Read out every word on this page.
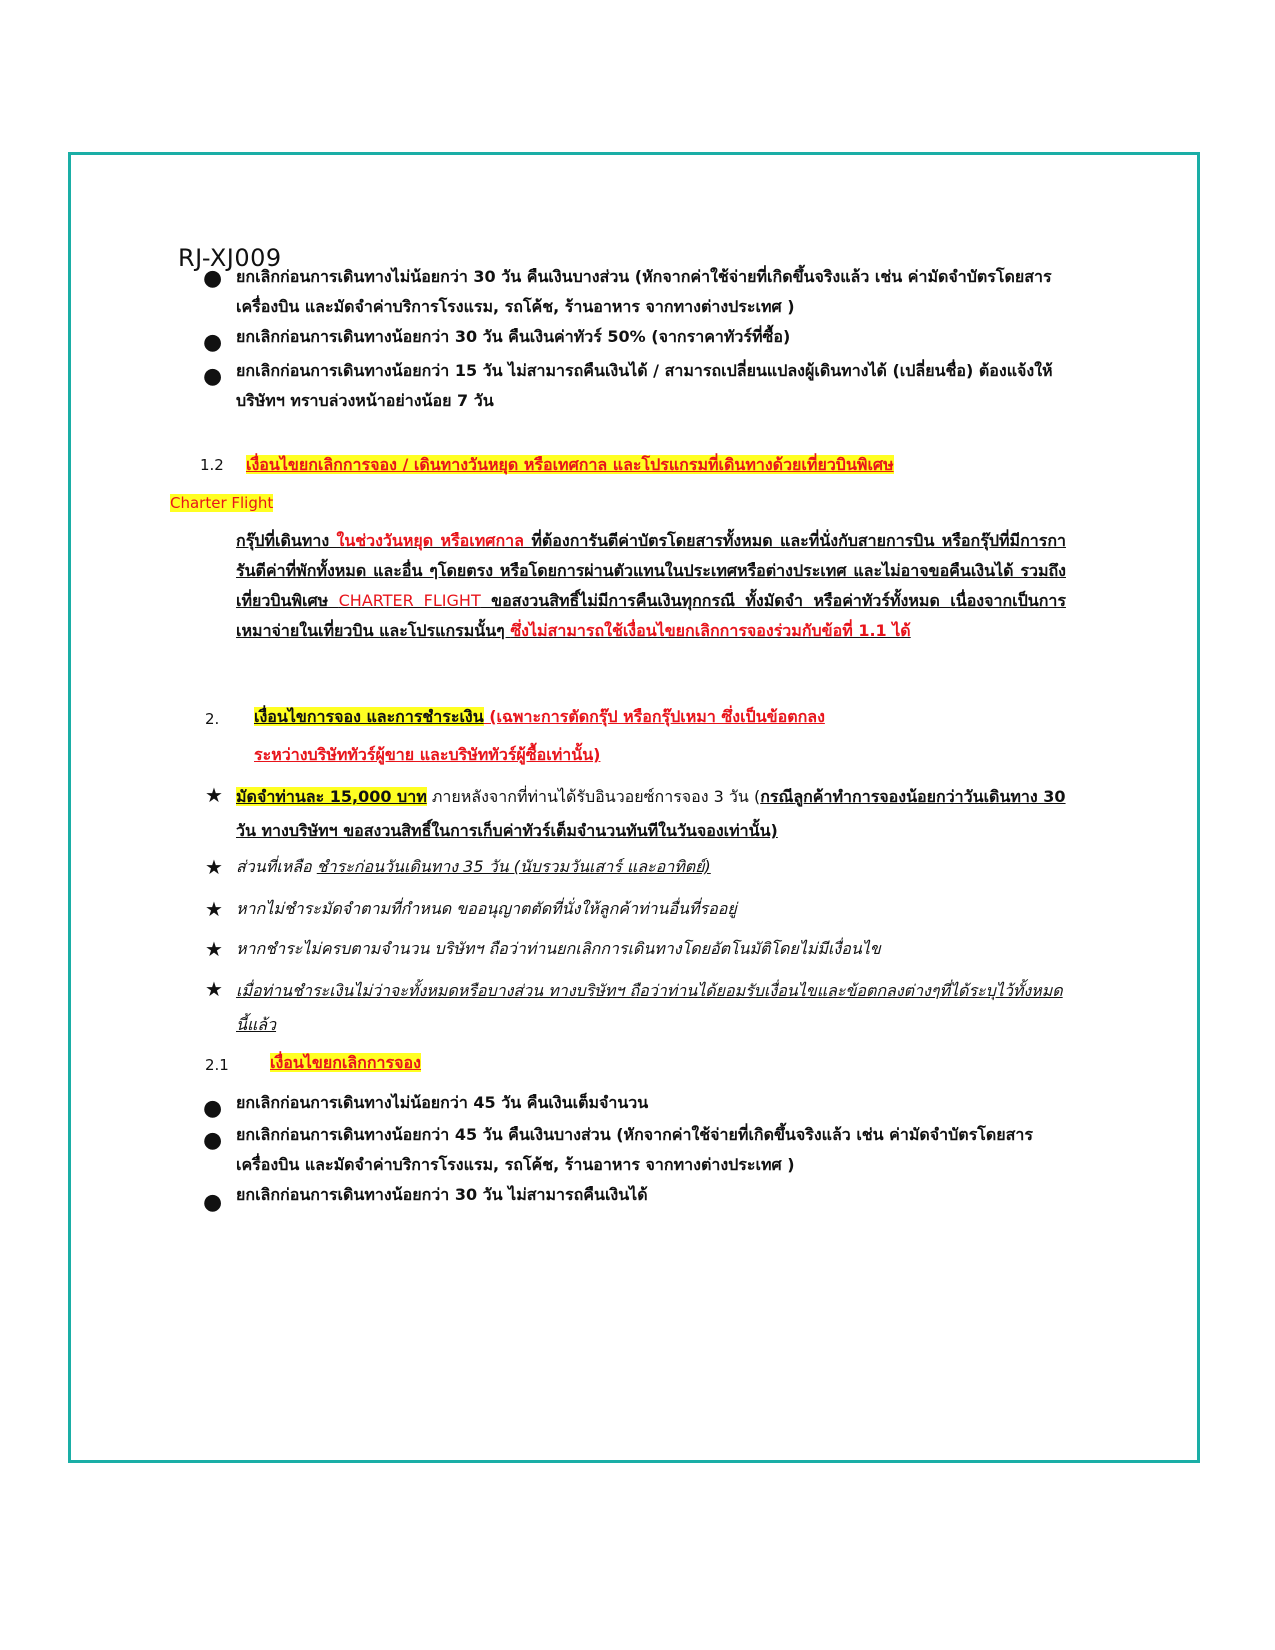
RJ-XJ009
● ยกเลิกก่อนการเดินทางไม่น้อยกว่า 30 วัน คืนเงินบางส่วน (หักจากค่าใช้จ่ายที่เกิดขึ้นจริงแล้ว เช่น ค่ามัดจำบัตรโดยสารเครื่องบิน และมัดจำค่าบริการโรงแรม, รถโค้ช, ร้านอาหาร จากทางต่างประเทศ )
● ยกเลิกก่อนการเดินทางน้อยกว่า 30 วัน คืนเงินค่าทัวร์ 50% (จากราคาทัวร์ที่ซื้อ)
● ยกเลิกก่อนการเดินทางน้อยกว่า 15 วัน ไม่สามารถคืนเงินได้ / สามารถเปลี่ยนแปลงผู้เดินทางได้ (เปลี่ยนชื่อ) ต้องแจ้งให้บริษัทฯ ทราบล่วงหน้าอย่างน้อย 7 วัน
1.2 เงื่อนไขยกเลิกการจอง / เดินทางวันหยุด หรือเทศกาล และโปรแกรมที่เดินทางด้วยเที่ยวบินพิเศษ
Charter Flight
กรุ๊ปที่เดินทาง ในช่วงวันหยุด หรือเทศกาล ที่ต้องการันตีค่าบัตรโดยสารทั้งหมด และที่นั่งกับสายการบิน หรือกรุ๊ปที่มีการการันตีค่าที่พักทั้งหมด และอื่น ๆโดยตรง หรือโดยการผ่านตัวแทนในประเทศหรือต่างประเทศ และไม่อาจขอคืนเงินได้ รวมถึงเที่ยวบินพิเศษ CHARTER FLIGHT ขอสงวนสิทธิ์ไม่มีการคืนเงินทุกกรณี ทั้งมัดจำ หรือค่าทัวร์ทั้งหมด เนื่องจากเป็นการเหมาจ่ายในเที่ยวบิน และโปรแกรมนั้นๆ ซึ่งไม่สามารถใช้เงื่อนไขยกเลิกการจองร่วมกับข้อที่ 1.1 ได้
2. เงื่อนไขการจอง และการชำระเงิน (เฉพาะการตัดกรุ๊ป หรือกรุ๊ปเหมา ซึ่งเป็นข้อตกลง
ระหว่างบริษัททัวร์ผู้ขาย และบริษัททัวร์ผู้ซื้อเท่านั้น)
★ มัดจำท่านละ 15,000 บาท ภายหลังจากที่ท่านได้รับอินวอยซ์การจอง 3 วัน (กรณีลูกค้าทำการจองน้อยกว่าวันเดินทาง 30 วัน ทางบริษัทฯ ขอสงวนสิทธิ์ในการเก็บค่าทัวร์เต็มจำนวนทันทีในวันจองเท่านั้น)
★ ส่วนที่เหลือ ชำระก่อนวันเดินทาง 35 วัน (นับรวมวันเสาร์ และอาทิตย์)
★ หากไม่ชำระมัดจำตามที่กำหนด ขออนุญาตตัดที่นั่งให้ลูกค้าท่านอื่นที่รออยู่
★ หากชำระไม่ครบตามจำนวน บริษัทฯ ถือว่าท่านยกเลิกการเดินทางโดยอัตโนมัติโดยไม่มีเงื่อนไข
★ เมื่อท่านชำระเงินไม่ว่าจะทั้งหมดหรือบางส่วน ทางบริษัทฯ ถือว่าท่านได้ยอมรับเงื่อนไขและข้อตกลงต่างๆที่ได้ระบุไว้ทั้งหมดนี้แล้ว
2.1	เงื่อนไขยกเลิกการจอง
● ยกเลิกก่อนการเดินทางไม่น้อยกว่า 45 วัน คืนเงินเต็มจำนวน
● ยกเลิกก่อนการเดินทางน้อยกว่า 45 วัน คืนเงินบางส่วน (หักจากค่าใช้จ่ายที่เกิดขึ้นจริงแล้ว เช่น ค่ามัดจำบัตรโดยสารเครื่องบิน และมัดจำค่าบริการโรงแรม, รถโค้ช, ร้านอาหาร จากทางต่างประเทศ )
● ยกเลิกก่อนการเดินทางน้อยกว่า 30 วัน ไม่สามารถคืนเงินได้
